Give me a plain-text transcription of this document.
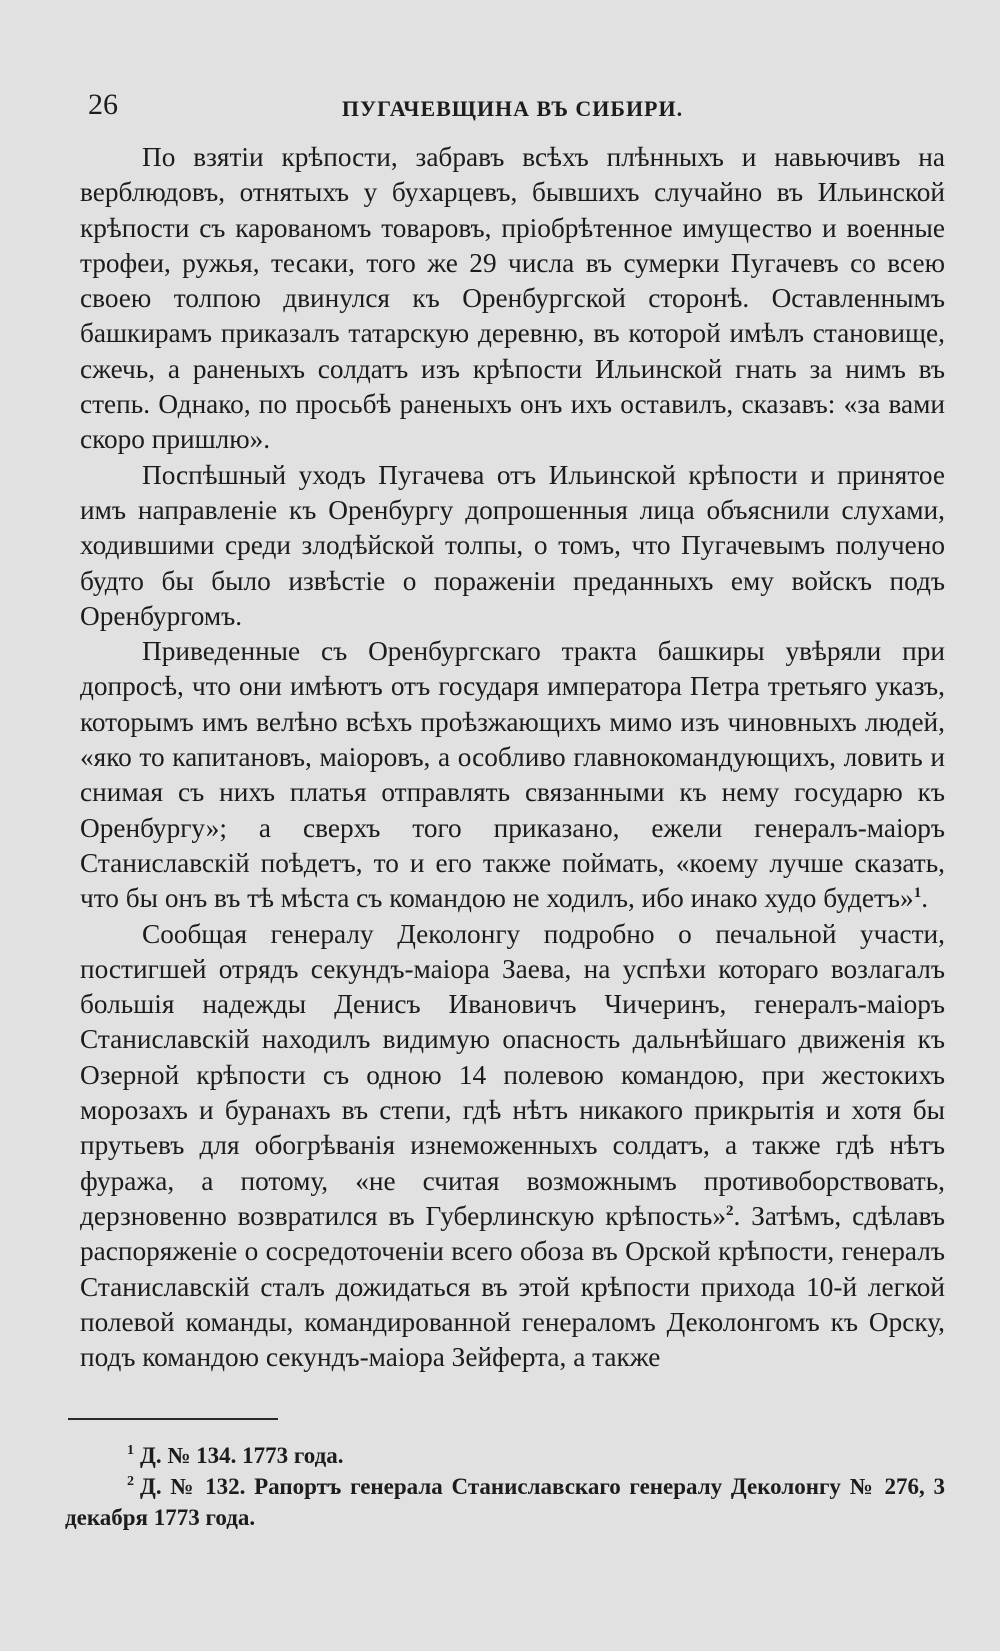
26	ПУГАЧЕВЩИНА ВЪ СИБИРИ.

По взятіи крѣпости, забравъ всѣхъ плѣнныхъ и навьючивъ на верблюдовъ, отнятыхъ у бухарцевъ, бывшихъ случайно въ Ильинской крѣпости съ карованомъ товаровъ, пріобрѣтенное имущество и военные трофеи, ружья, тесаки, того же 29 числа въ сумерки Пугачевъ со всею своею толпою двинулся къ Оренбургской сторонѣ. Оставленнымъ башкирамъ приказалъ татарскую деревню, въ которой имѣлъ становище, сжечь, а раненыхъ солдатъ изъ крѣпости Ильинской гнать за нимъ въ степь. Однако, по просьбѣ раненыхъ онъ ихъ оставилъ, сказавъ: «за вами скоро пришлю».

Поспѣшный уходъ Пугачева отъ Ильинской крѣпости и принятое имъ направленіе къ Оренбургу допрошенныя лица объяснили слухами, ходившими среди злодѣйской толпы, о томъ, что Пугачевымъ получено будто бы было извѣстіе о пораженіи преданныхъ ему войскъ подъ Оренбургомъ.

Приведенные съ Оренбургскаго тракта башкиры увѣряли при допросѣ, что они имѣютъ отъ государя императора Петра третьяго указъ, которымъ имъ велѣно всѣхъ проѣзжающихъ мимо изъ чиновныхъ людей, «яко то капитановъ, маіоровъ, а особливо главнокомандующихъ, ловить и снимая съ нихъ платья отправлять связанными къ нему государю къ Оренбургу»; а сверхъ того приказано, ежели генералъ-маіоръ Станиславскій поѣдетъ, то и его также поймать, «коему лучше сказать, что бы онъ въ тѣ мѣста съ командою не ходилъ, ибо инако худо будетъ»$^1$.

Сообщая генералу Деколонгу подробно о печальной участи, постигшей отрядъ секундъ-маіора Заева, на успѣхи котораго возлагалъ большія надежды Денисъ Ивановичъ Чичеринъ, генералъ-маіоръ Станиславскій находилъ видимую опасность дальнѣйшаго движенія къ Озерной крѣпости съ одною 14 полевою командою, при жестокихъ морозахъ и буранахъ въ степи, гдѣ нѣтъ никакого прикрытія и хотя бы прутьевъ для обогрѣванія изнеможенныхъ солдатъ, а также гдѣ нѣтъ фуража, а потому, «не считая возможнымъ противоборствовать, дерзновенно возвратился въ Губерлинскую крѣпость»$^2$. Затѣмъ, сдѣлавъ распоряженіе о сосредоточеніи всего обоза въ Орской крѣпости, генералъ Станиславскій сталъ дожидаться въ этой крѣпости прихода 10-й легкой полевой команды, командированной генераломъ Деколонгомъ къ Орску, подъ командою секундъ-маіора Зейферта, а также

$^1$ Д. № 134. 1773 года.

$^2$ Д. № 132. Рапортъ генерала Станиславскаго генералу Деколонгу № 276, 3 декабря 1773 года.
